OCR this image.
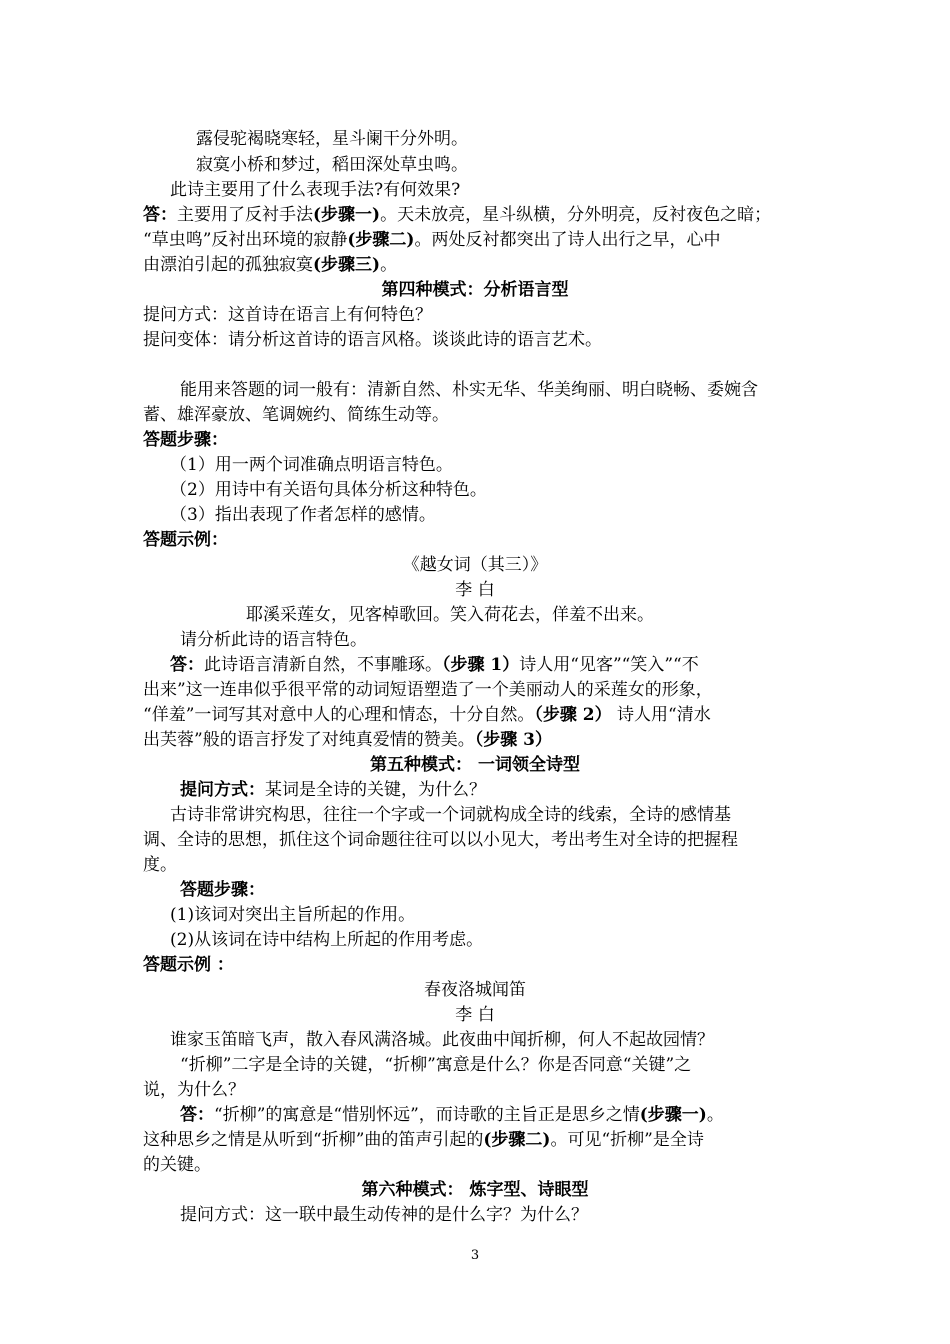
露侵驼褐晓寒轻，星斗阑干分外明。
寂寞小桥和梦过，稻田深处草虫鸣。
此诗主要用了什么表现手法?有何效果?
答：主要用了反衬手法(步骤一)。天未放亮，星斗纵横，分外明亮，反衬夜色之暗；
“草虫鸣”反衬出环境的寂静(步骤二)。两处反衬都突出了诗人出行之早，心中
由漂泊引起的孤独寂寞(步骤三)。
第四种模式：分析语言型
提问方式：这首诗在语言上有何特色？
提问变体：请分析这首诗的语言风格。谈谈此诗的语言艺术。
能用来答题的词一般有：清新自然、朴实无华、华美绚丽、明白晓畅、委婉含
蓄、雄浑豪放、笔调婉约、简练生动等。
答题步骤：
（1）用一两个词准确点明语言特色。
（2）用诗中有关语句具体分析这种特色。
（3）指出表现了作者怎样的感情。
答题示例：
《越女词（其三）》
李 白
耶溪采莲女，见客棹歌回。笑入荷花去，佯羞不出来。
请分析此诗的语言特色。
答：此诗语言清新自然，不事雕琢。（步骤 1）诗人用“见客”“笑入”“不
出来”这一连串似乎很平常的动词短语塑造了一个美丽动人的采莲女的形象，
“佯羞”一词写其对意中人的心理和情态，十分自然。（步骤 2） 诗人用“清水
出芙蓉”般的语言抒发了对纯真爱情的赞美。（步骤 3）
第五种模式： 一词领全诗型
提问方式：某词是全诗的关键，为什么？
古诗非常讲究构思，往往一个字或一个词就构成全诗的线索，全诗的感情基
调、全诗的思想，抓住这个词命题往往可以以小见大，考出考生对全诗的把握程
度。
答题步骤：
(1)该词对突出主旨所起的作用。
(2)从该词在诗中结构上所起的作用考虑。
答题示例 ：
春夜洛城闻笛
李 白
谁家玉笛暗飞声，散入春风满洛城。此夜曲中闻折柳，何人不起故园情？
“折柳”二字是全诗的关键，“折柳”寓意是什么？你是否同意“关键”之
说，为什么？
答：“折柳”的寓意是“惜别怀远”，而诗歌的主旨正是思乡之情(步骤一)。
这种思乡之情是从听到“折柳”曲的笛声引起的(步骤二)。可见“折柳”是全诗
的关键。
第六种模式： 炼字型、诗眼型
提问方式：这一联中最生动传神的是什么字？为什么？
3
